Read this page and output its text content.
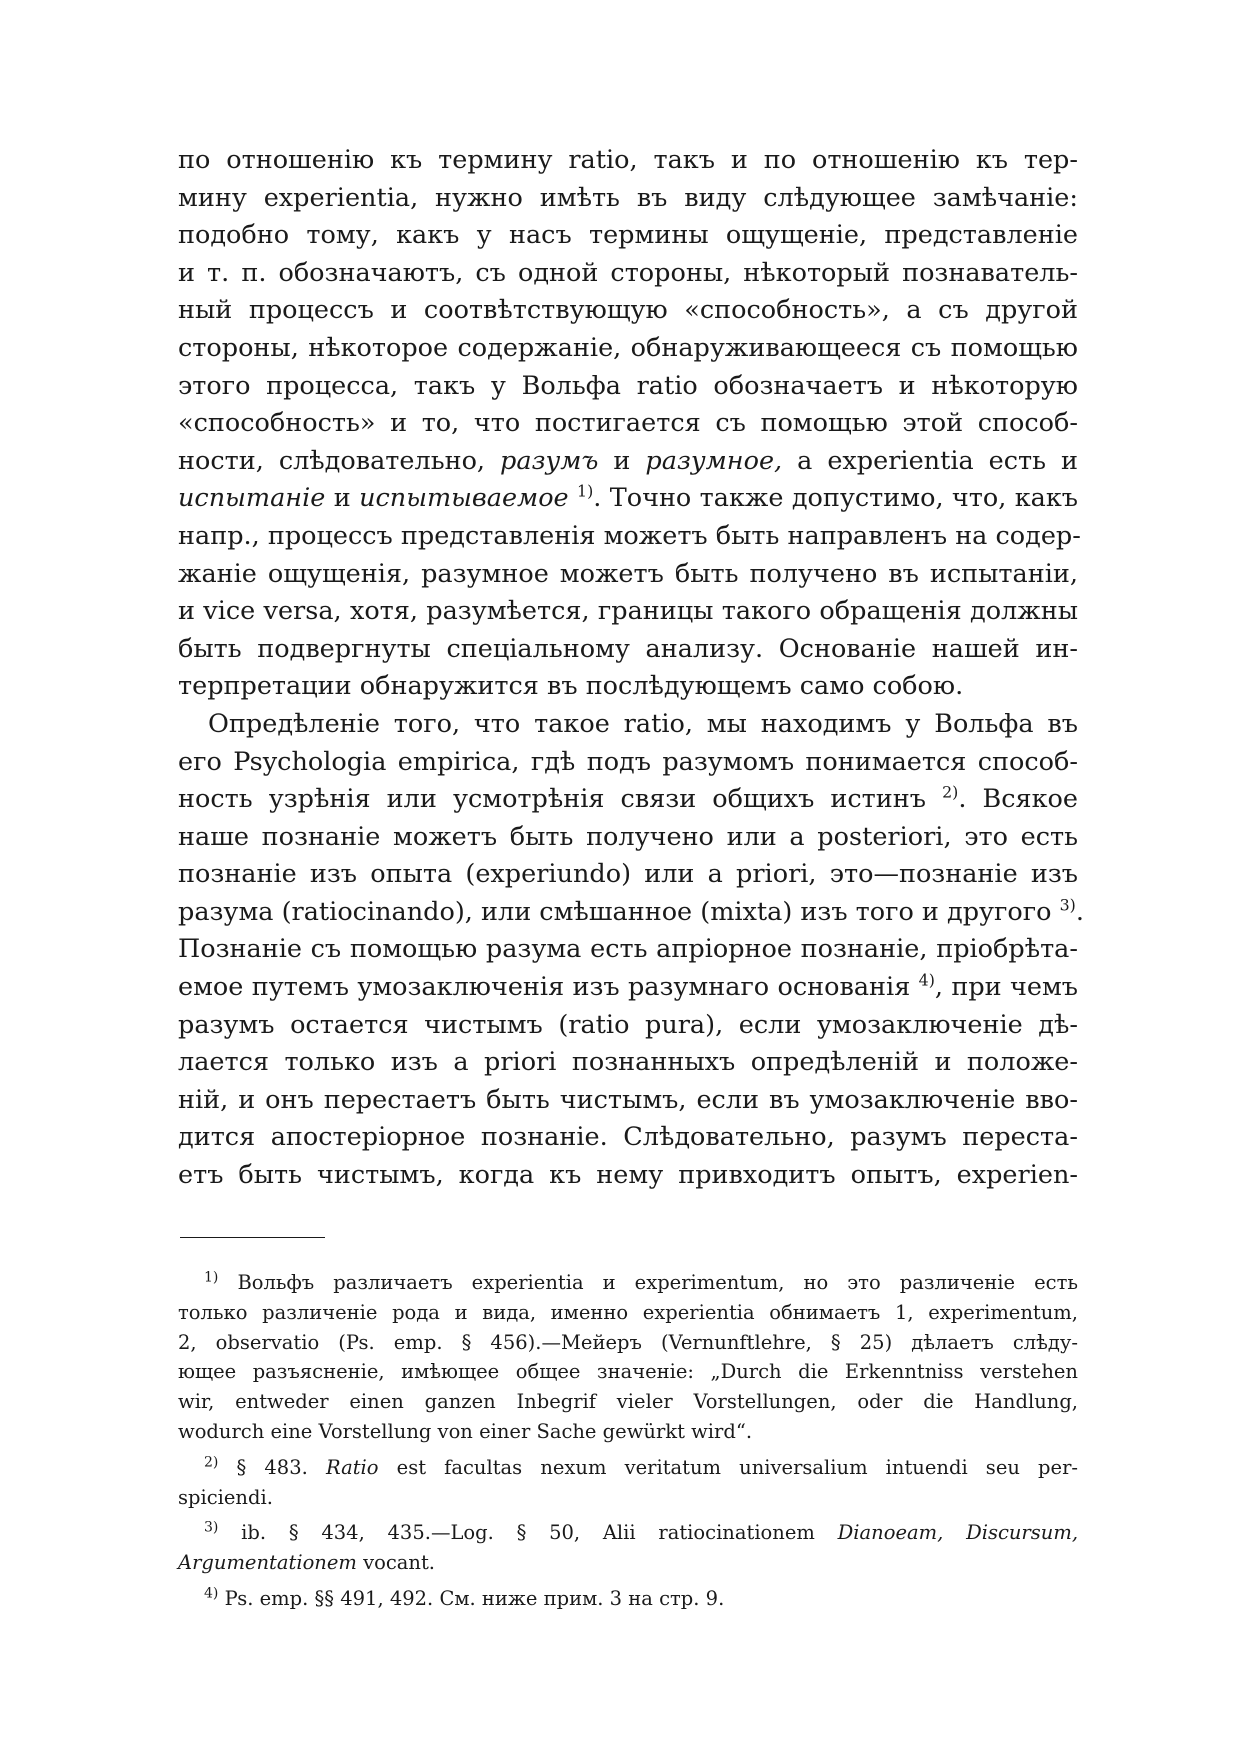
по отношенію къ термину ratio, такъ и по отношенію къ тер-
мину experientia, нужно имѣть въ виду слѣдующее замѣчаніе:
подобно тому, какъ у насъ термины ощущеніе, представленіе
и т. п. обозначаютъ, съ одной стороны, нѣкоторый познаватель-
ный процессъ и соотвѣтствующую «способность», а съ другой
стороны, нѣкоторое содержаніе, обнаруживающееся съ помощью
этого процесса, такъ у Вольфа ratio обозначаетъ и нѣкоторую
«способность» и то, что постигается съ помощью этой способ-
ности, слѣдовательно, разумъ и разумное, а experientia есть и
испытаніе и испытываемое $^{1)}$. Точно также допустимо, что, какъ
напр., процессъ представленія можетъ быть направленъ на содер-
жаніе ощущенія, разумное можетъ быть получено въ испытаніи,
и vice versa, хотя, разумѣется, границы такого обращенія должны
быть подвергнуты спеціальному анализу. Основаніе нашей ин-
терпретации обнаружится въ послѣдующемъ само собою.
Опредѣленіе того, что такое ratio, мы находимъ у Вольфа въ
его Psychologia empirica, гдѣ подъ разумомъ понимается способ-
ность узрѣнія или усмотрѣнія связи общихъ истинъ $^{2)}$. Всякое
наше познаніе можетъ быть получено или a posteriori, это есть
познаніе изъ опыта (experiundo) или a priori, это—познаніе изъ
разума (ratiocinando), или смѣшанное (mixta) изъ того и другого $^{3)}$.
Познаніе съ помощью разума есть апріорное познаніе, пріобрѣта-
емое путемъ умозаключенія изъ разумнаго основанія $^{4)}$, при чемъ
разумъ остается чистымъ (ratio pura), если умозаключеніе дѣ-
лается только изъ a priori познанныхъ опредѣленій и положе-
ній, и онъ перестаетъ быть чистымъ, если въ умозаключеніе вво-
дится апостеріорное познаніе. Слѣдовательно, разумъ переста-
етъ быть чистымъ, когда къ нему привходитъ опытъ, experien-
$^{1)}$ Вольфъ различаетъ experientia и experimentum, но это различеніе есть
только различеніе рода и вида, именно experientia обнимаетъ 1, experimentum,
2, observatio (Ps. emp. § 456).—Мейеръ (Vernunftlehre, § 25) дѣлаетъ слѣду-
ющее разъясненіе, имѣющее общее значеніе: „Durch die Erkenntniss verstehen
wir, entweder einen ganzen Inbegrif vieler Vorstellungen, oder die Handlung,
wodurch eine Vorstellung von einer Sache gewürkt wird“.
$^{2)}$ § 483. Ratio est facultas nexum veritatum universalium intuendi seu per-
spiciendi.
$^{3)}$ ib. § 434, 435.—Log. § 50, Alii ratiocinationem Dianoeam, Discursum,
Argumentationem vocant.
$^{4)}$ Ps. emp. §§ 491, 492. См. ниже прим. 3 на стр. 9.
